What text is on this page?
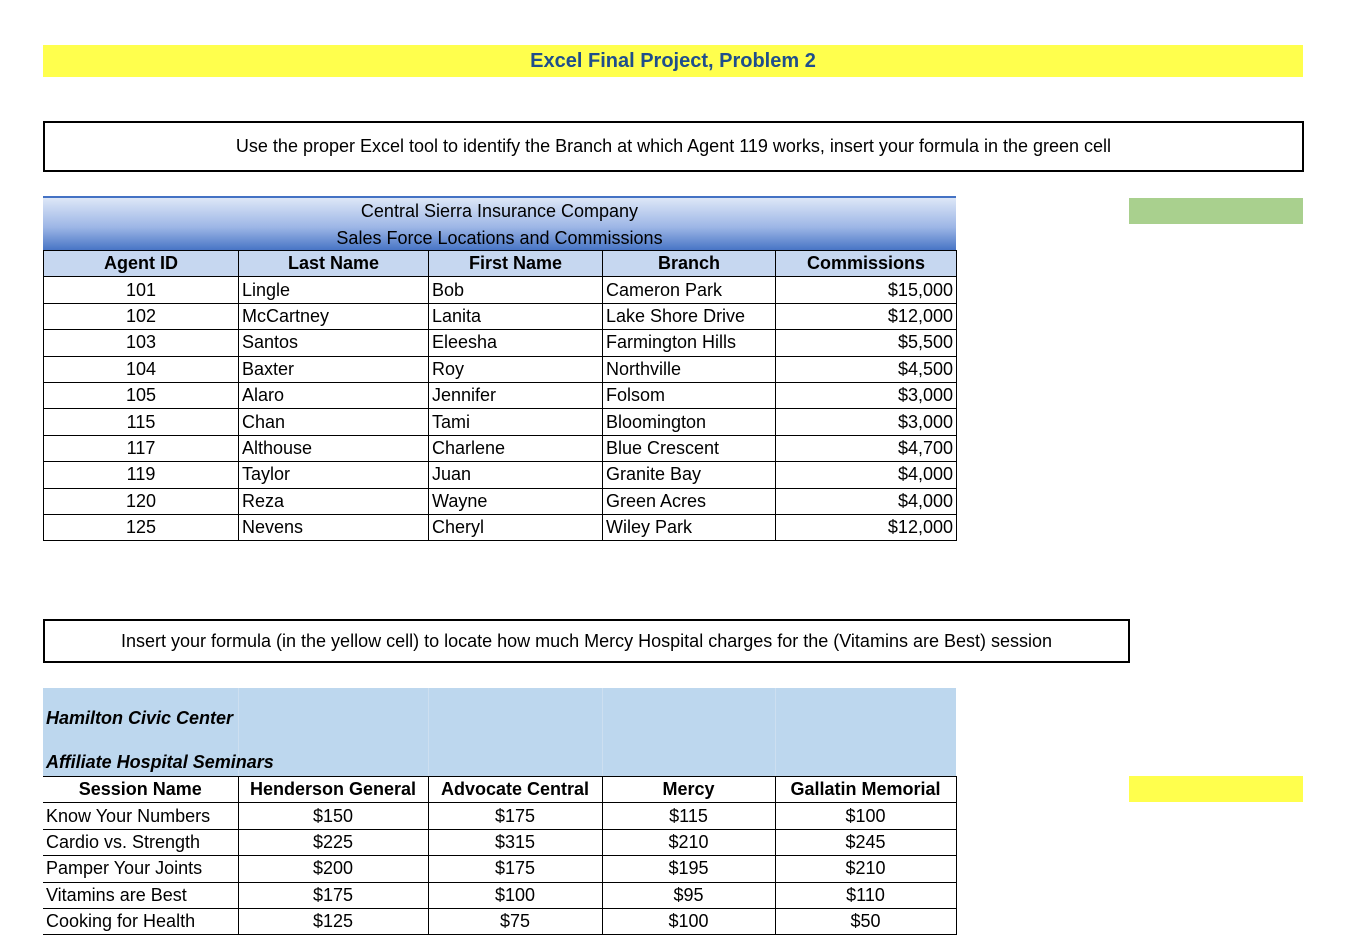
Excel Final Project, Problem 2
Use the proper Excel tool to identify the Branch at which Agent 119 works, insert your formula in the green cell
Central Sierra Insurance Company
Sales Force Locations and Commissions
Agent ID	Last Name	First Name	Branch	Commissions
101	Lingle	Bob	Cameron Park	$15,000
102	McCartney	Lanita	Lake Shore Drive	$12,000
103	Santos	Eleesha	Farmington Hills	$5,500
104	Baxter	Roy	Northville	$4,500
105	Alaro	Jennifer	Folsom	$3,000
115	Chan	Tami	Bloomington	$3,000
117	Althouse	Charlene	Blue Crescent	$4,700
119	Taylor	Juan	Granite Bay	$4,000
120	Reza	Wayne	Green Acres	$4,000
125	Nevens	Cheryl	Wiley Park	$12,000
Insert your formula (in the yellow cell) to locate how much Mercy Hospital charges for the (Vitamins are Best) session
Hamilton Civic Center
Affiliate Hospital Seminars
Session Name	Henderson General	Advocate Central	Mercy	Gallatin Memorial
Know Your Numbers	$150	$175	$115	$100
Cardio vs. Strength	$225	$315	$210	$245
Pamper Your Joints	$200	$175	$195	$210
Vitamins are Best	$175	$100	$95	$110
Cooking for Health	$125	$75	$100	$50
